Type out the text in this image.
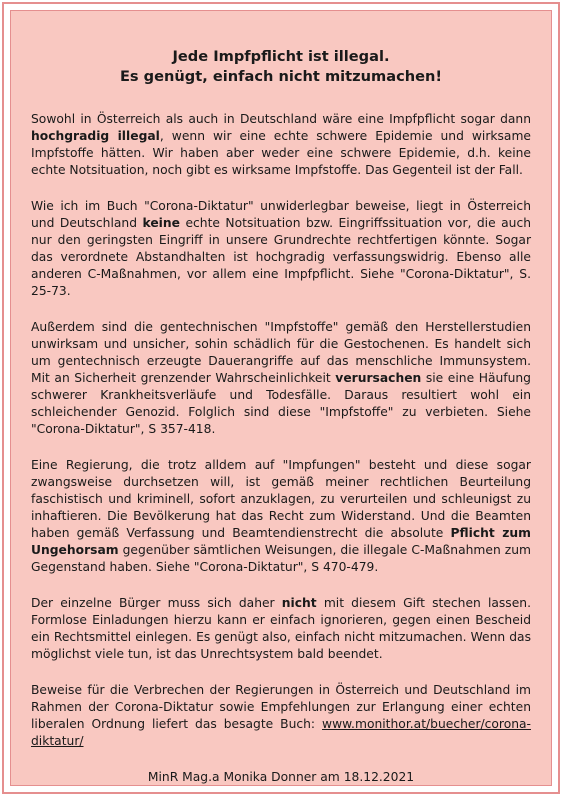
Jede Impfpflicht ist illegal.
Es genügt, einfach nicht mitzumachen!

Sowohl in Österreich als auch in Deutschland wäre eine Impfpflicht sogar dann hochgradig illegal, wenn wir eine echte schwere Epidemie und wirksame Impfstoffe hätten. Wir haben aber weder eine schwere Epidemie, d.h. keine echte Notsituation, noch gibt es wirksame Impfstoffe. Das Gegenteil ist der Fall.

Wie ich im Buch "Corona-Diktatur" unwiderlegbar beweise, liegt in Österreich und Deutschland keine echte Notsituation bzw. Eingriffssituation vor, die auch nur den geringsten Eingriff in unsere Grundrechte rechtfertigen könnte. Sogar das verordnete Abstandhalten ist hochgradig verfassungswidrig. Ebenso alle anderen C-Maßnahmen, vor allem eine Impfpflicht. Siehe "Corona-Diktatur", S. 25-73.

Außerdem sind die gentechnischen "Impfstoffe" gemäß den Herstellerstudien unwirksam und unsicher, sohin schädlich für die Gestochenen. Es handelt sich um gentechnisch erzeugte Dauerangriffe auf das menschliche Immunsystem. Mit an Sicherheit grenzender Wahrscheinlichkeit verursachen sie eine Häufung schwerer Krankheitsverläufe und Todesfälle. Daraus resultiert wohl ein schleichender Genozid. Folglich sind diese "Impfstoffe" zu verbieten. Siehe "Corona-Diktatur", S 357-418.

Eine Regierung, die trotz alldem auf "Impfungen" besteht und diese sogar zwangsweise durchsetzen will, ist gemäß meiner rechtlichen Beurteilung faschistisch und kriminell, sofort anzuklagen, zu verurteilen und schleunigst zu inhaftieren. Die Bevölkerung hat das Recht zum Widerstand. Und die Beamten haben gemäß Verfassung und Beamtendienstrecht die absolute Pflicht zum Ungehorsam gegenüber sämtlichen Weisungen, die illegale C-Maßnahmen zum Gegenstand haben. Siehe "Corona-Diktatur", S 470-479.

Der einzelne Bürger muss sich daher nicht mit diesem Gift stechen lassen. Formlose Einladungen hierzu kann er einfach ignorieren, gegen einen Bescheid ein Rechtsmittel einlegen. Es genügt also, einfach nicht mitzumachen. Wenn das möglichst viele tun, ist das Unrechtsystem bald beendet.

Beweise für die Verbrechen der Regierungen in Österreich und Deutschland im Rahmen der Corona-Diktatur sowie Empfehlungen zur Erlangung einer echten liberalen Ordnung liefert das besagte Buch: www.monithor.at/buecher/corona-diktatur/

MinR Mag.a Monika Donner am 18.12.2021
